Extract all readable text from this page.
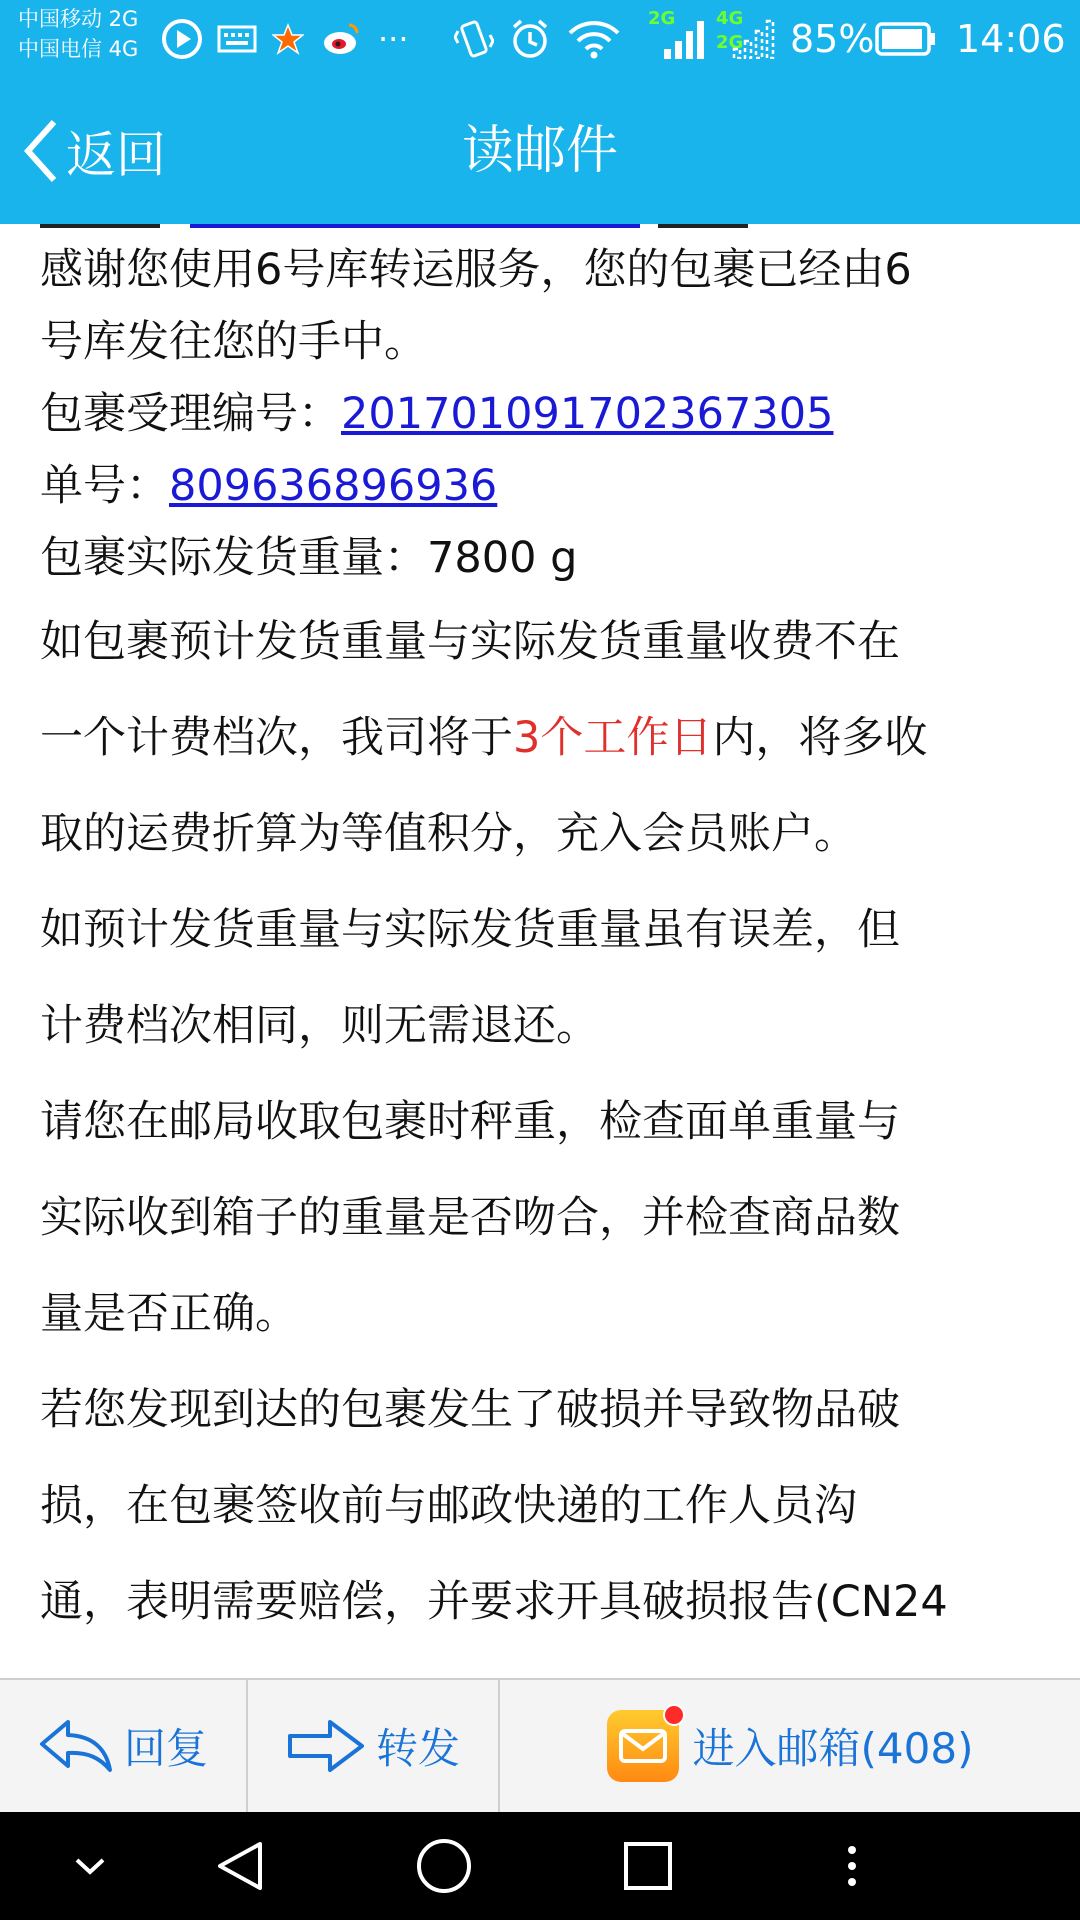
中国移动 2G
中国电信 4G	···
2G 4G
2G 85% 14:06
返回	读邮件
感谢您使用6号库转运服务，您的包裹已经由6
号库发往您的手中。
包裹受理编号：20170109170236730​5
单号：809636896936
包裹实际发货重量：7800 g
如包裹预计发货重量与实际发货重量收费不在
一个计费档次，我司将于3个工作日内，将多收
取的运费折算为等值积分，充入会员账户。
如预计发货重量与实际发货重量虽有误差，但
计费档次相同，则无需退还。
请您在邮局收取包裹时秤重，检查面单重量与
实际收到箱子的重量是否吻合，并检查商品数
量是否正确。
若您发现到达的包裹发生了破损并导致物品破
损，在包裹签收前与邮政快递的工作人员沟
通，表明需要赔偿，并要求开具破损报告(CN24
回复	转发	进入邮箱(408)
